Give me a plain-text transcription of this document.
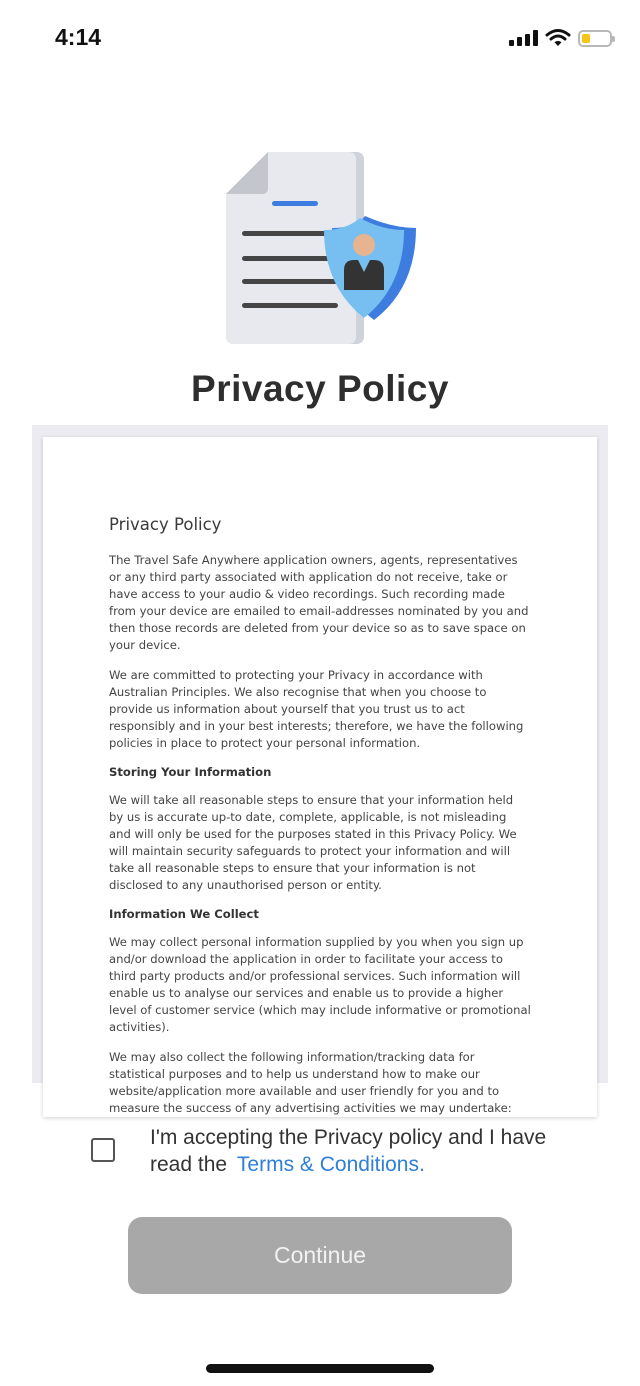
4:14
Privacy Policy
Privacy Policy

The Travel Safe Anywhere application owners, agents, representatives or any third party associated with application do not receive, take or have access to your audio & video recordings. Such recording made from your device are emailed to email-addresses nominated by you and then those records are deleted from your device so as to save space on your device.

We are committed to protecting your Privacy in accordance with Australian Principles. We also recognise that when you choose to provide us information about yourself that you trust us to act responsibly and in your best interests; therefore, we have the following policies in place to protect your personal information.

Storing Your Information

We will take all reasonable steps to ensure that your information held by us is accurate up-to date, complete, applicable, is not misleading and will only be used for the purposes stated in this Privacy Policy. We will maintain security safeguards to protect your information and will take all reasonable steps to ensure that your information is not disclosed to any unauthorised person or entity.

Information We Collect

We may collect personal information supplied by you when you sign up and/or download the application in order to facilitate your access to third party products and/or professional services. Such information will enable us to analyse our services and enable us to provide a higher level of customer service (which may include informative or promotional activities).

We may also collect the following information/tracking data for statistical purposes and to help us understand how to make our website/application more available and user friendly for you and to measure the success of any advertising activities we may undertake:

I'm accepting the Privacy policy and I have read the Terms & Conditions.
Continue
